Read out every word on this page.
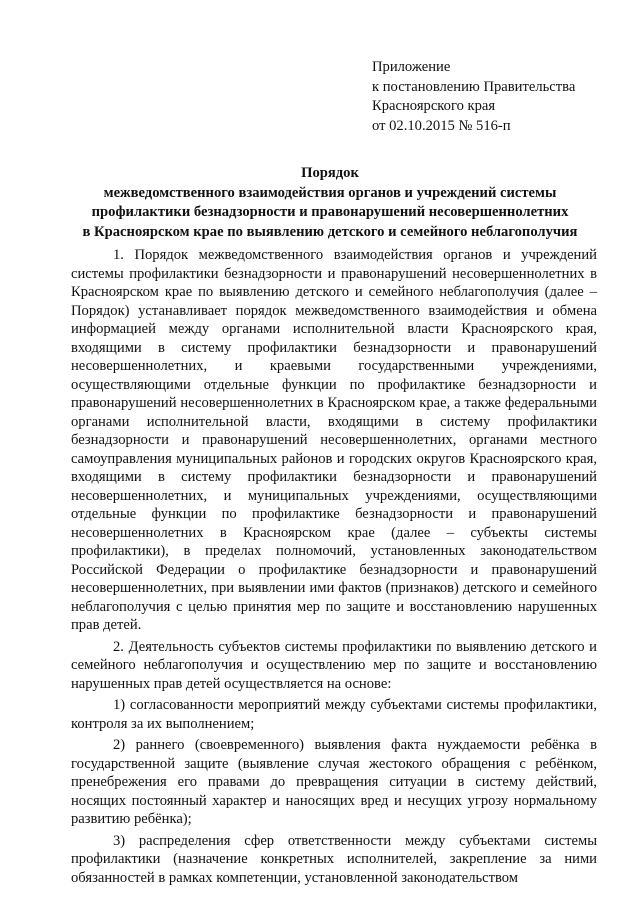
Приложение
к постановлению Правительства
Красноярского края
от 02.10.2015 № 516-п
Порядок
межведомственного взаимодействия органов и учреждений системы
профилактики безнадзорности и правонарушений несовершеннолетних
в Красноярском крае по выявлению детского и семейного неблагополучия

1. Порядок межведомственного взаимодействия органов и учреждений системы профилактики безнадзорности и правонарушений несовершеннолетних в Красноярском крае по выявлению детского и семейного неблагополучия (далее – Порядок) устанавливает порядок межведомственного взаимодействия и обмена информацией между органами исполнительной власти Красноярского края, входящими в систему профилактики безнадзорности и правонарушений несовершеннолетних, и краевыми государственными учреждениями, осуществляющими отдельные функции по профилактике безнадзорности и правонарушений несовершеннолетних в Красноярском крае, а также федеральными органами исполнительной власти, входящими в систему профилактики безнадзорности и правонарушений несовершеннолетних, органами местного самоуправления муниципальных районов и городских округов Красноярского края, входящими в систему профилактики безнадзорности и правонарушений несовершеннолетних, и муниципальных учреждениями, осуществляющими отдельные функции по профилактике безнадзорности и правонарушений несовершеннолетних в Красноярском крае (далее – субъекты системы профилактики), в пределах полномочий, установленных законодательством Российской Федерации о профилактике безнадзорности и правонарушений несовершеннолетних, при выявлении ими фактов (признаков) детского и семейного неблагополучия с целью принятия мер по защите и восстановлению нарушенных прав детей.

2. Деятельность субъектов системы профилактики по выявлению детского и семейного неблагополучия и осуществлению мер по защите и восстановлению нарушенных прав детей осуществляется на основе:

1) согласованности мероприятий между субъектами системы профилактики, контроля за их выполнением;

2) раннего (своевременного) выявления факта нуждаемости ребёнка в государственной защите (выявление случая жестокого обращения с ребёнком, пренебрежения его правами до превращения ситуации в систему действий, носящих постоянный характер и наносящих вред и несущих угрозу нормальному развитию ребёнка);

3) распределения сфер ответственности между субъектами системы профилактики (назначение конкретных исполнителей, закрепление за ними обязанностей в рамках компетенции, установленной законодательством
